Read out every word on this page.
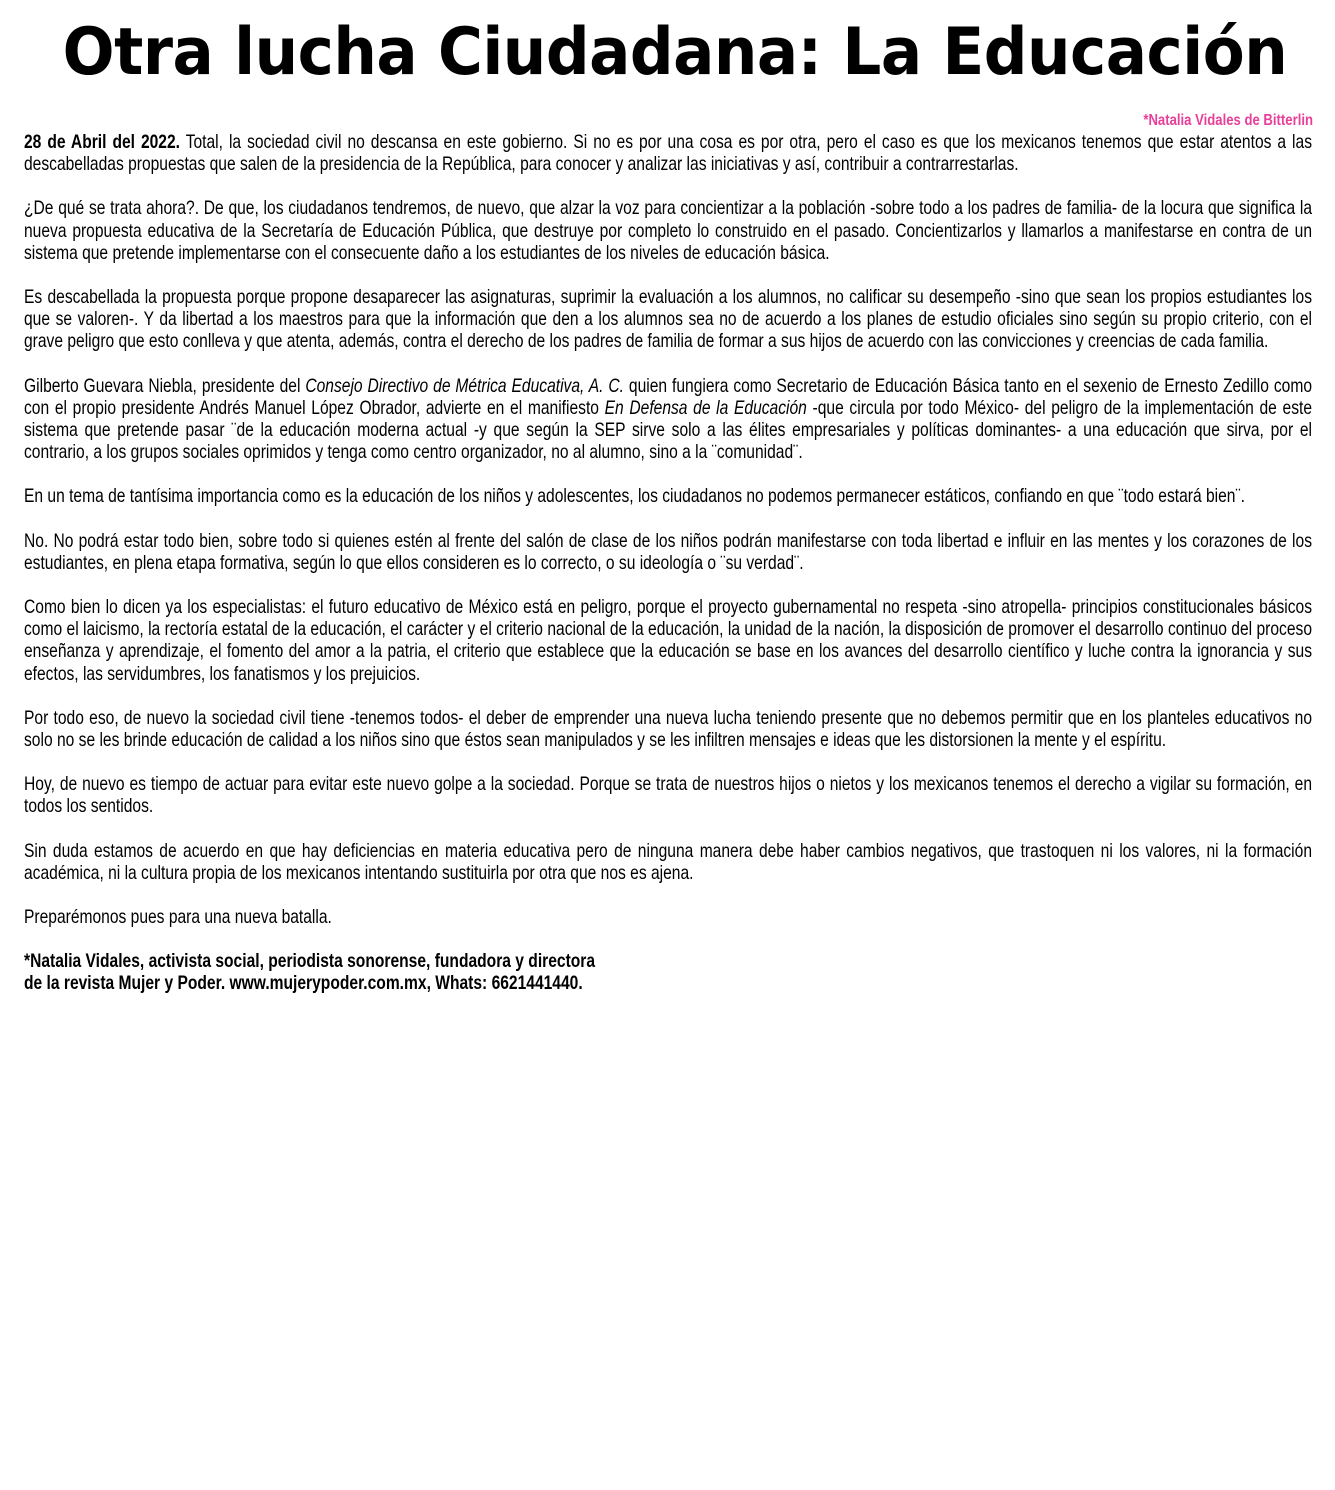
Otra lucha Ciudadana: La Educación
*Natalia Vidales de Bitterlin

28 de Abril del 2022. Total, la sociedad civil no descansa en este gobierno. Si no es por una cosa es por otra, pero el caso es que los mexicanos tenemos que estar atentos a las descabelladas propuestas que salen de la presidencia de la República, para conocer y analizar las iniciativas y así, contribuir a contrarrestarlas.

¿De qué se trata ahora?. De que, los ciudadanos tendremos, de nuevo, que alzar la voz para concientizar a la población -sobre todo a los padres de familia- de la locura que significa la nueva propuesta educativa de la Secretaría de Educación Pública, que destruye por completo lo construido en el pasado. Concientizarlos y llamarlos a manifestarse en contra de un sistema que pretende implementarse con el consecuente daño a los estudiantes de los niveles de educación básica.

Es descabellada la propuesta porque propone desaparecer las asignaturas, suprimir la evaluación a los alumnos, no calificar su desempeño -sino que sean los propios estudiantes los que se valoren-. Y da libertad a los maestros para que la información que den a los alumnos sea no de acuerdo a los planes de estudio oficiales sino según su propio criterio, con el grave peligro que esto conlleva y que atenta, además, contra el derecho de los padres de familia de formar a sus hijos de acuerdo con las convicciones y creencias de cada familia.

Gilberto Guevara Niebla, presidente del Consejo Directivo de Métrica Educativa, A. C. quien fungiera como Secretario de Educación Básica tanto en el sexenio de Ernesto Zedillo como con el propio presidente Andrés Manuel López Obrador, advierte en el manifiesto En Defensa de la Educación -que circula por todo México- del peligro de la implementación de este sistema que pretende pasar ¨de la educación moderna actual -y que según la SEP sirve solo a las élites empresariales y políticas dominantes- a una educación que sirva, por el contrario, a los grupos sociales oprimidos y tenga como centro organizador, no al alumno, sino a la ¨comunidad¨.

En un tema de tantísima importancia como es la educación de los niños y adolescentes, los ciudadanos no podemos permanecer estáticos, confiando en que ¨todo estará bien¨.

No. No podrá estar todo bien, sobre todo si quienes estén al frente del salón de clase de los niños podrán manifestarse con toda libertad e influir en las mentes y los corazones de los estudiantes, en plena etapa formativa, según lo que ellos consideren es lo correcto, o su ideología o ¨su verdad¨.

Como bien lo dicen ya los especialistas: el futuro educativo de México está en peligro, porque el proyecto gubernamental no respeta -sino atropella- principios constitucionales básicos como el laicismo, la rectoría estatal de la educación, el carácter y el criterio nacional de la educación, la unidad de la nación, la disposición de promover el desarrollo continuo del proceso enseñanza y aprendizaje, el fomento del amor a la patria, el criterio que establece que la educación se base en los avances del desarrollo científico y luche contra la ignorancia y sus efectos, las servidumbres, los fanatismos y los prejuicios.

Por todo eso, de nuevo la sociedad civil tiene -tenemos todos- el deber de emprender una nueva lucha teniendo presente que no debemos permitir que en los planteles educativos no solo no se les brinde educación de calidad a los niños sino que éstos sean manipulados y se les infiltren mensajes e ideas que les distorsionen la mente y el espíritu.

Hoy, de nuevo es tiempo de actuar para evitar este nuevo golpe a la sociedad. Porque se trata de nuestros hijos o nietos y los mexicanos tenemos el derecho a vigilar su formación, en todos los sentidos.

Sin duda estamos de acuerdo en que hay deficiencias en materia educativa pero de ninguna manera debe haber cambios negativos, que trastoquen ni los valores, ni la formación académica, ni la cultura propia de los mexicanos intentando sustituirla por otra que nos es ajena.

Preparémonos pues para una nueva batalla.

*Natalia Vidales, activista social, periodista sonorense, fundadora y directora
de la revista Mujer y Poder. www.mujerypoder.com.mx, Whats: 6621441440.
